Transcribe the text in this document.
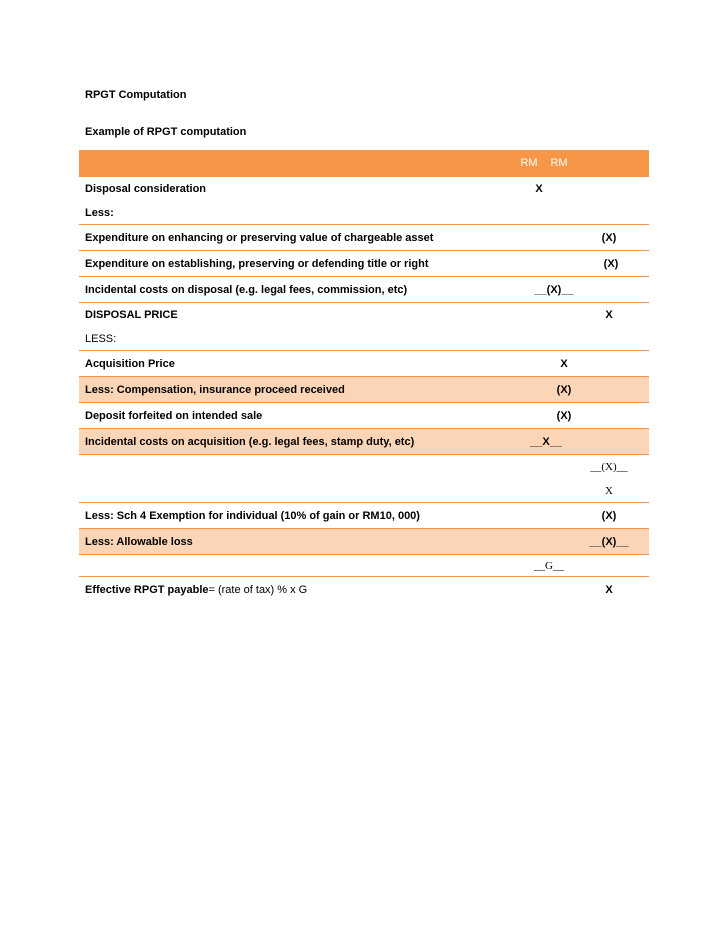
RPGT Computation
Example of RPGT computation
RM	RM
Disposal consideration	X
Less:
Expenditure on enhancing or preserving value of chargeable asset	(X)
Expenditure on establishing, preserving or defending title or right	(X)
Incidental costs on disposal (e.g. legal fees, commission, etc)	__(X)__
DISPOSAL PRICE	X
LESS:
Acquisition Price	X
Less: Compensation, insurance proceed received	(X)
Deposit forfeited on intended sale	(X)
Incidental costs on acquisition (e.g. legal fees, stamp duty, etc)	__X__
__(X)__
X
Less: Sch 4 Exemption for individual (10% of gain or RM10, 000)	(X)
Less: Allowable loss	__(X)__
__G__
Effective RPGT payable = (rate of tax) % x G	X
